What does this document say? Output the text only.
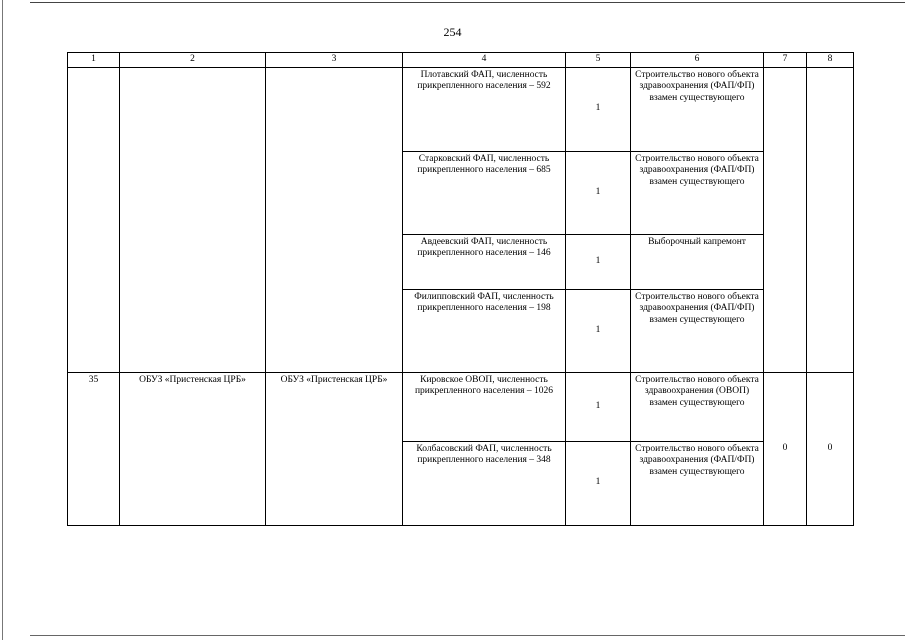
254
1	2	3	4	5	6	7	8
			Плотавский ФАП, численность прикрепленного населения – 592	1	Строительство нового объекта здравоохранения (ФАП/ФП) взамен существующего		
			Старковский ФАП, численность прикрепленного населения – 685	1	Строительство нового объекта здравоохранения (ФАП/ФП) взамен существующего		
			Авдеевский ФАП, численность прикрепленного населения – 146	1	Выборочный капремонт		
			Филипповский ФАП, численность прикрепленного населения – 198	1	Строительство нового объекта здравоохранения (ФАП/ФП) взамен существующего		
35	ОБУЗ «Пристенская ЦРБ»	ОБУЗ «Пристенская ЦРБ»	Кировское ОВОП, численность прикрепленного населения – 1026	1	Строительство нового объекта здравоохранения (ОВОП) взамен существующего	0	0
			Колбасовский ФАП, численность прикрепленного населения – 348	1	Строительство нового объекта здравоохранения (ФАП/ФП) взамен существующего		
